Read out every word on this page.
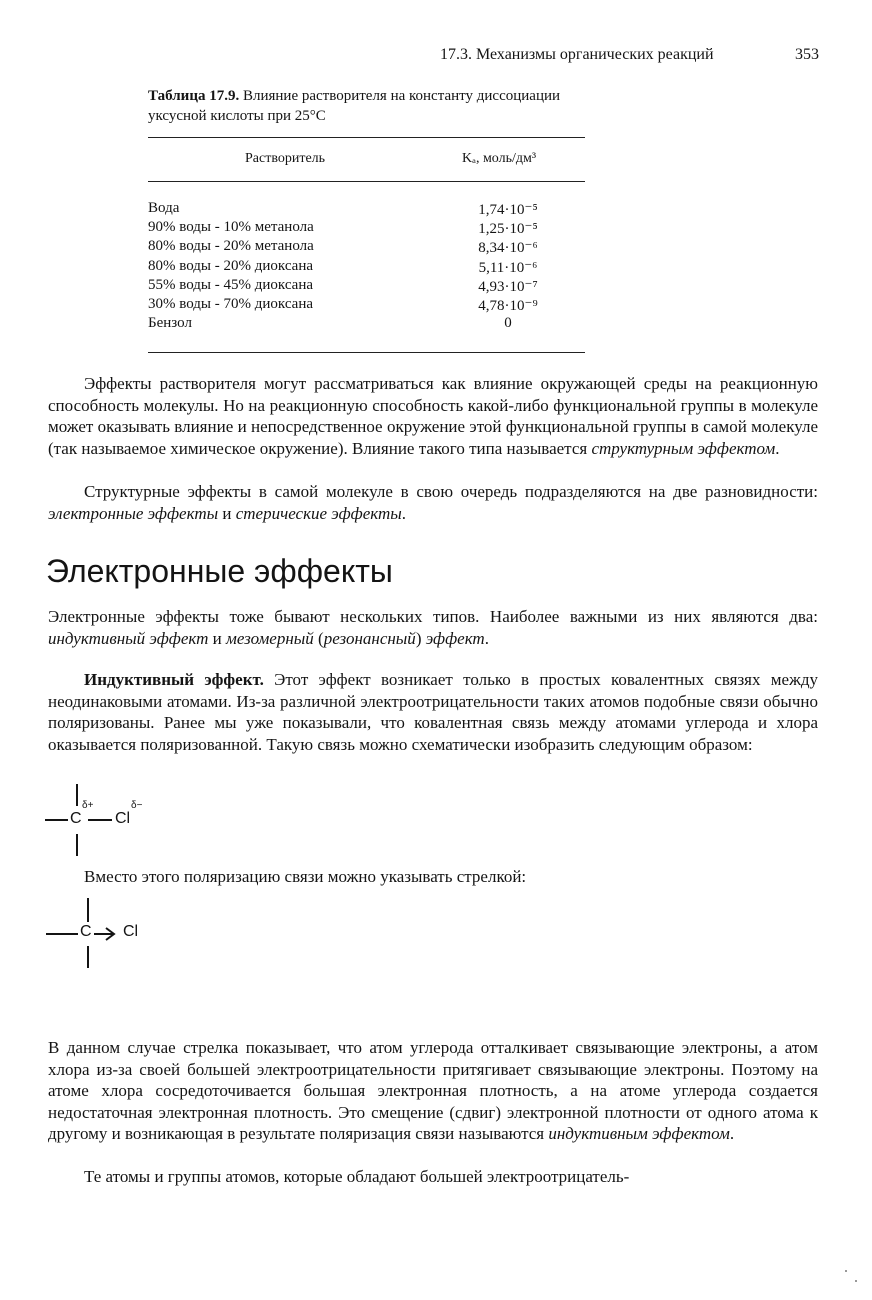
17.3. Механизмы органических реакций	353
Таблица 17.9. Влияние растворителя на константу диссоциации уксусной кислоты при 25°С
Растворитель	Kₐ, моль/дм³
Вода	1,74·10⁻⁵
90% воды - 10% метанола	1,25·10⁻⁵
80% воды - 20% метанола	8,34·10⁻⁶
80% воды - 20% диоксана	5,11·10⁻⁶
55% воды - 45% диоксана	4,93·10⁻⁷
30% воды - 70% диоксана	4,78·10⁻⁹
Бензол	0
Эффекты растворителя могут рассматриваться как влияние окружающей среды на реакционную способность молекулы. Но на реакционную способность какой-либо функциональной группы в молекуле может оказывать влияние и непосредственное окружение этой функциональной группы в самой молекуле (так называемое химическое окружение). Влияние такого типа называется структурным эффектом.
Структурные эффекты в самой молекуле в свою очередь подразделяются на две разновидности: электронные эффекты и стерические эффекты.
Электронные эффекты
Электронные эффекты тоже бывают нескольких типов. Наиболее важными из них являются два: индуктивный эффект и мезомерный (резонансный) эффект.
Индуктивный эффект. Этот эффект возникает только в простых ковалентных связях между неодинаковыми атомами. Из-за различной электроотрицательности таких атомов подобные связи обычно поляризованы. Ранее мы уже показывали, что ковалентная связь между атомами углерода и хлора оказывается поляризованной. Такую связь можно схематически изобразить следующим образом:
C
δ+
Cl
δ−
Вместо этого поляризацию связи можно указывать стрелкой:
C Cl
В данном случае стрелка показывает, что атом углерода отталкивает связывающие электроны, а атом хлора из-за своей большей электроотрицательности притягивает связывающие электроны. Поэтому на атоме хлора сосредоточивается большая электронная плотность, а на атоме углерода создается недостаточная электронная плотность. Это смещение (сдвиг) электронной плотности от одного атома к другому и возникающая в результате поляризация связи называются индуктивным эффектом.
Те атомы и группы атомов, которые обладают большей электроотрицатель-
